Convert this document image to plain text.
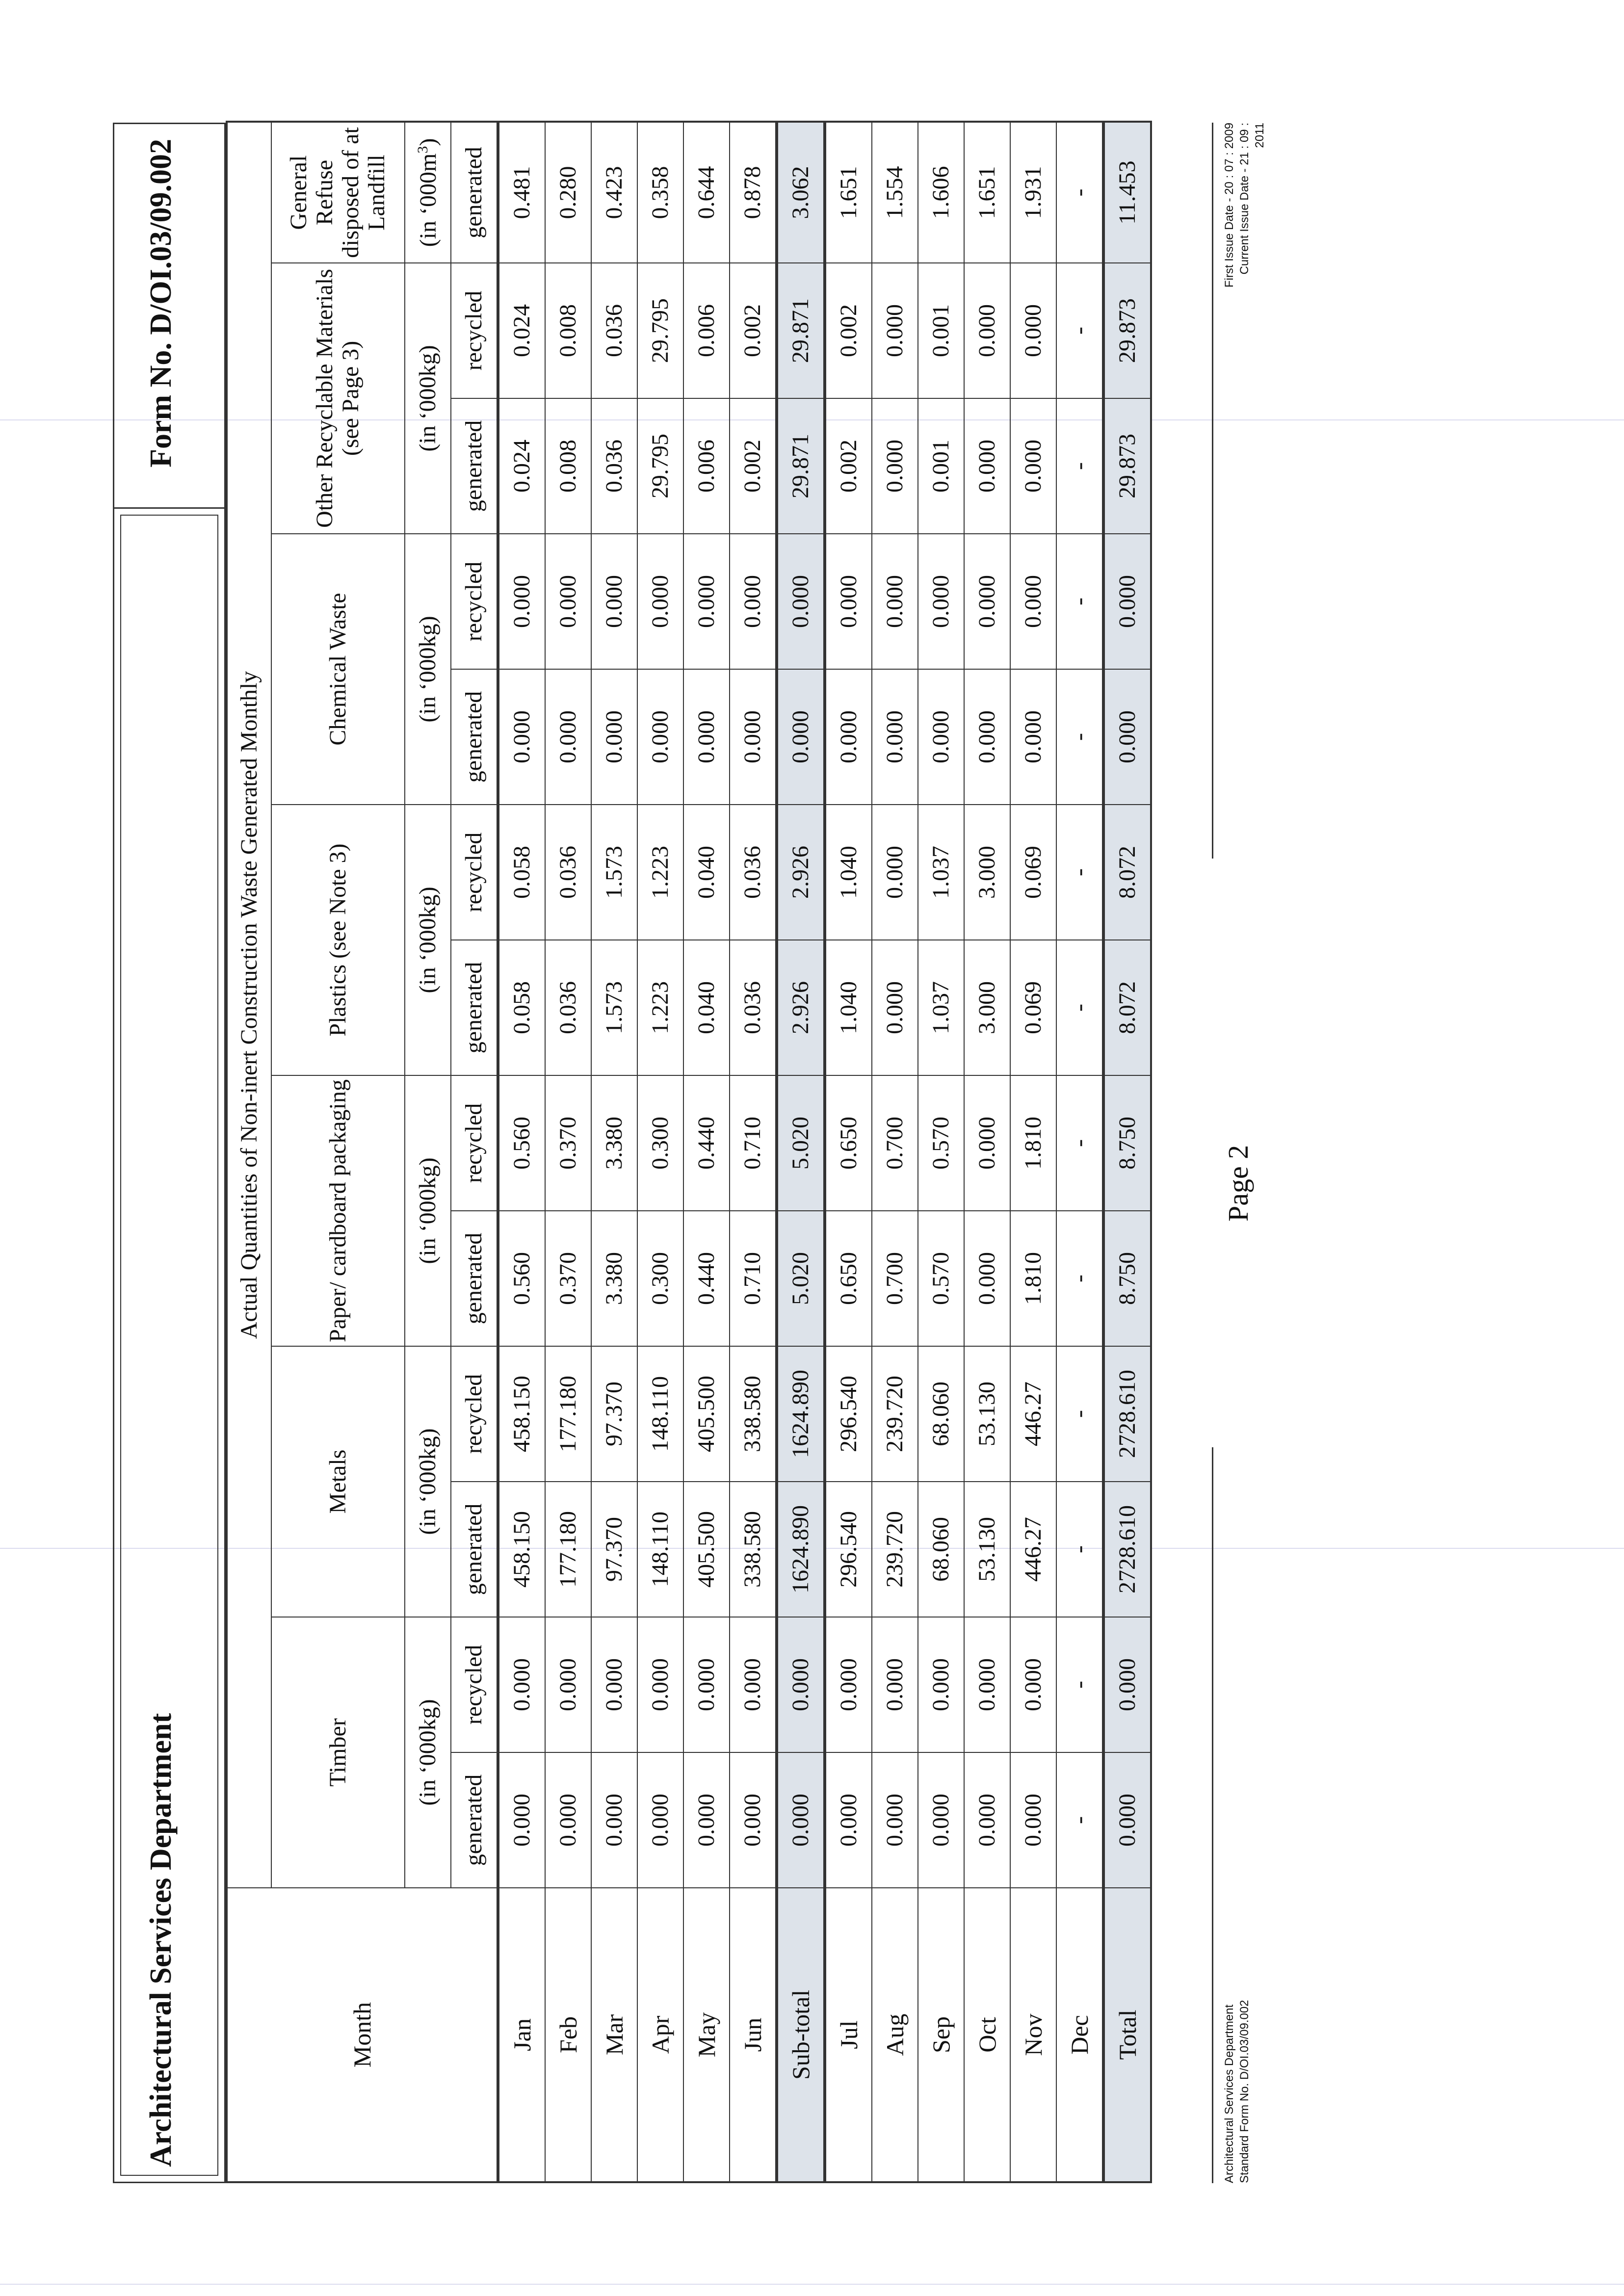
Architectural Services Department
Form No. D/OI.03/09.002
Month	Actual Quantities of Non-inert Construction Waste Generated Monthly												
	Timber		Metals		Paper/ cardboard packaging		Plastics (see Note 3)		Chemical Waste		Other Recyclable Materials (see Page 3)		General Refuse disposed of at Landfill
	(in ‘000kg)		(in ‘000kg)		(in ‘000kg)		(in ‘000kg)		(in ‘000kg)		(in ‘000kg)		(in ‘$000m^3$)
	generated	recycled	generated	recycled	generated	recycled	generated	recycled	generated	recycled	generated	recycled	generated
Jan	0.000	0.000	458.150	458.150	0.560	0.560	0.058	0.058	0.000	0.000	0.024	0.024	0.481
Feb	0.000	0.000	177.180	177.180	0.370	0.370	0.036	0.036	0.000	0.000	0.008	0.008	0.280
Mar	0.000	0.000	97.370	97.370	3.380	3.380	1.573	1.573	0.000	0.000	0.036	0.036	0.423
Apr	0.000	0.000	148.110	148.110	0.300	0.300	1.223	1.223	0.000	0.000	29.795	29.795	0.358
May	0.000	0.000	405.500	405.500	0.440	0.440	0.040	0.040	0.000	0.000	0.006	0.006	0.644
Jun	0.000	0.000	338.580	338.580	0.710	0.710	0.036	0.036	0.000	0.000	0.002	0.002	0.878
Sub-total	0.000	0.000	1624.890	1624.890	5.020	5.020	2.926	2.926	0.000	0.000	29.871	29.871	3.062
Jul	0.000	0.000	296.540	296.540	0.650	0.650	1.040	1.040	0.000	0.000	0.002	0.002	1.651
Aug	0.000	0.000	239.720	239.720	0.700	0.700	0.000	0.000	0.000	0.000	0.000	0.000	1.554
Sep	0.000	0.000	68.060	68.060	0.570	0.570	1.037	1.037	0.000	0.000	0.001	0.001	1.606
Oct	0.000	0.000	53.130	53.130	0.000	0.000	3.000	3.000	0.000	0.000	0.000	0.000	1.651
Nov	0.000	0.000	446.27	446.27	1.810	1.810	0.069	0.069	0.000	0.000	0.000	0.000	1.931
Dec	-	-	-	-	-	-	-	-	-	-	-	-	-
Total	0.000	0.000	2728.610	2728.610	8.750	8.750	8.072	8.072	0.000	0.000	29.873	29.873	11.453
Page 2
Architectural Services Department Standard Form No. D/OI.03/09.002
First Issue Date - 20 : 07 : 2009 Current Issue Date - 21 : 09 : 2011
